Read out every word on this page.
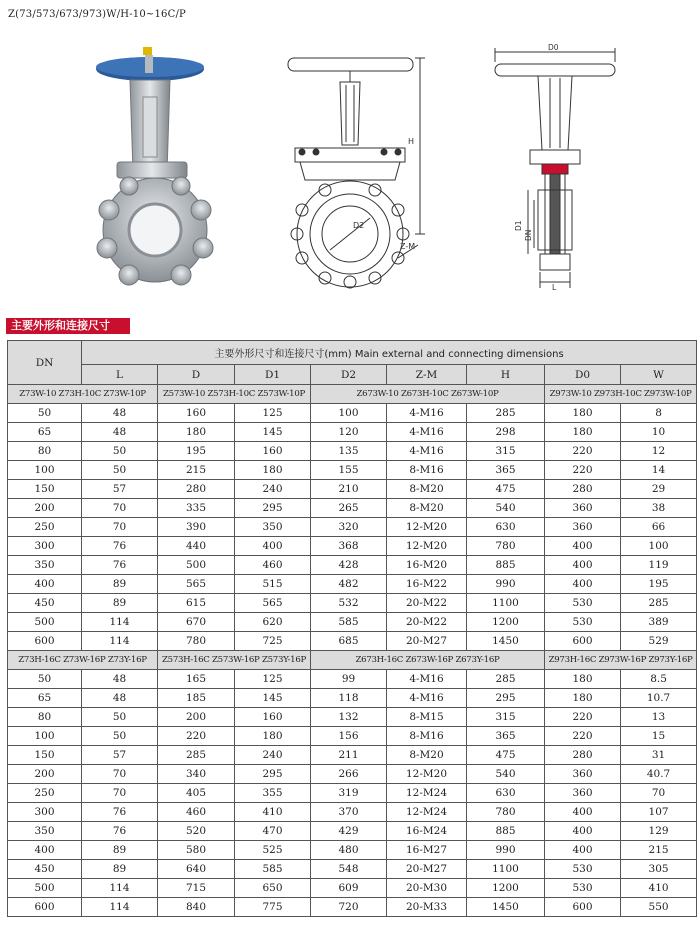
Z(73/573/673/973)W/H-10~16C/P
D2
Z-M
H
D0
D1
DN
L
主要外形和连接尺寸
DN	主要外形尺寸和连接尺寸(mm) Main external and connecting dimensions							
	L	D	D1	D2	Z-M	H	D0	W
Z73W-10 Z73H-10C Z73W-10P		Z573W-10 Z573H-10C Z573W-10P		Z673W-10 Z673H-10C Z673W-10P			Z973W-10 Z973H-10C Z973W-10P	
50	48	160	125	100	4-M16	285	180	8
65	48	180	145	120	4-M16	298	180	10
80	50	195	160	135	4-M16	315	220	12
100	50	215	180	155	8-M16	365	220	14
150	57	280	240	210	8-M20	475	280	29
200	70	335	295	265	8-M20	540	360	38
250	70	390	350	320	12-M20	630	360	66
300	76	440	400	368	12-M20	780	400	100
350	76	500	460	428	16-M20	885	400	119
400	89	565	515	482	16-M22	990	400	195
450	89	615	565	532	20-M22	1100	530	285
500	114	670	620	585	20-M22	1200	530	389
600	114	780	725	685	20-M27	1450	600	529
Z73H-16C Z73W-16P Z73Y-16P		Z573H-16C Z573W-16P Z573Y-16P		Z673H-16C Z673W-16P Z673Y-16P			Z973H-16C Z973W-16P Z973Y-16P	
50	48	165	125	99	4-M16	285	180	8.5
65	48	185	145	118	4-M16	295	180	10.7
80	50	200	160	132	8-M15	315	220	13
100	50	220	180	156	8-M16	365	220	15
150	57	285	240	211	8-M20	475	280	31
200	70	340	295	266	12-M20	540	360	40.7
250	70	405	355	319	12-M24	630	360	70
300	76	460	410	370	12-M24	780	400	107
350	76	520	470	429	16-M24	885	400	129
400	89	580	525	480	16-M27	990	400	215
450	89	640	585	548	20-M27	1100	530	305
500	114	715	650	609	20-M30	1200	530	410
600	114	840	775	720	20-M33	1450	600	550
